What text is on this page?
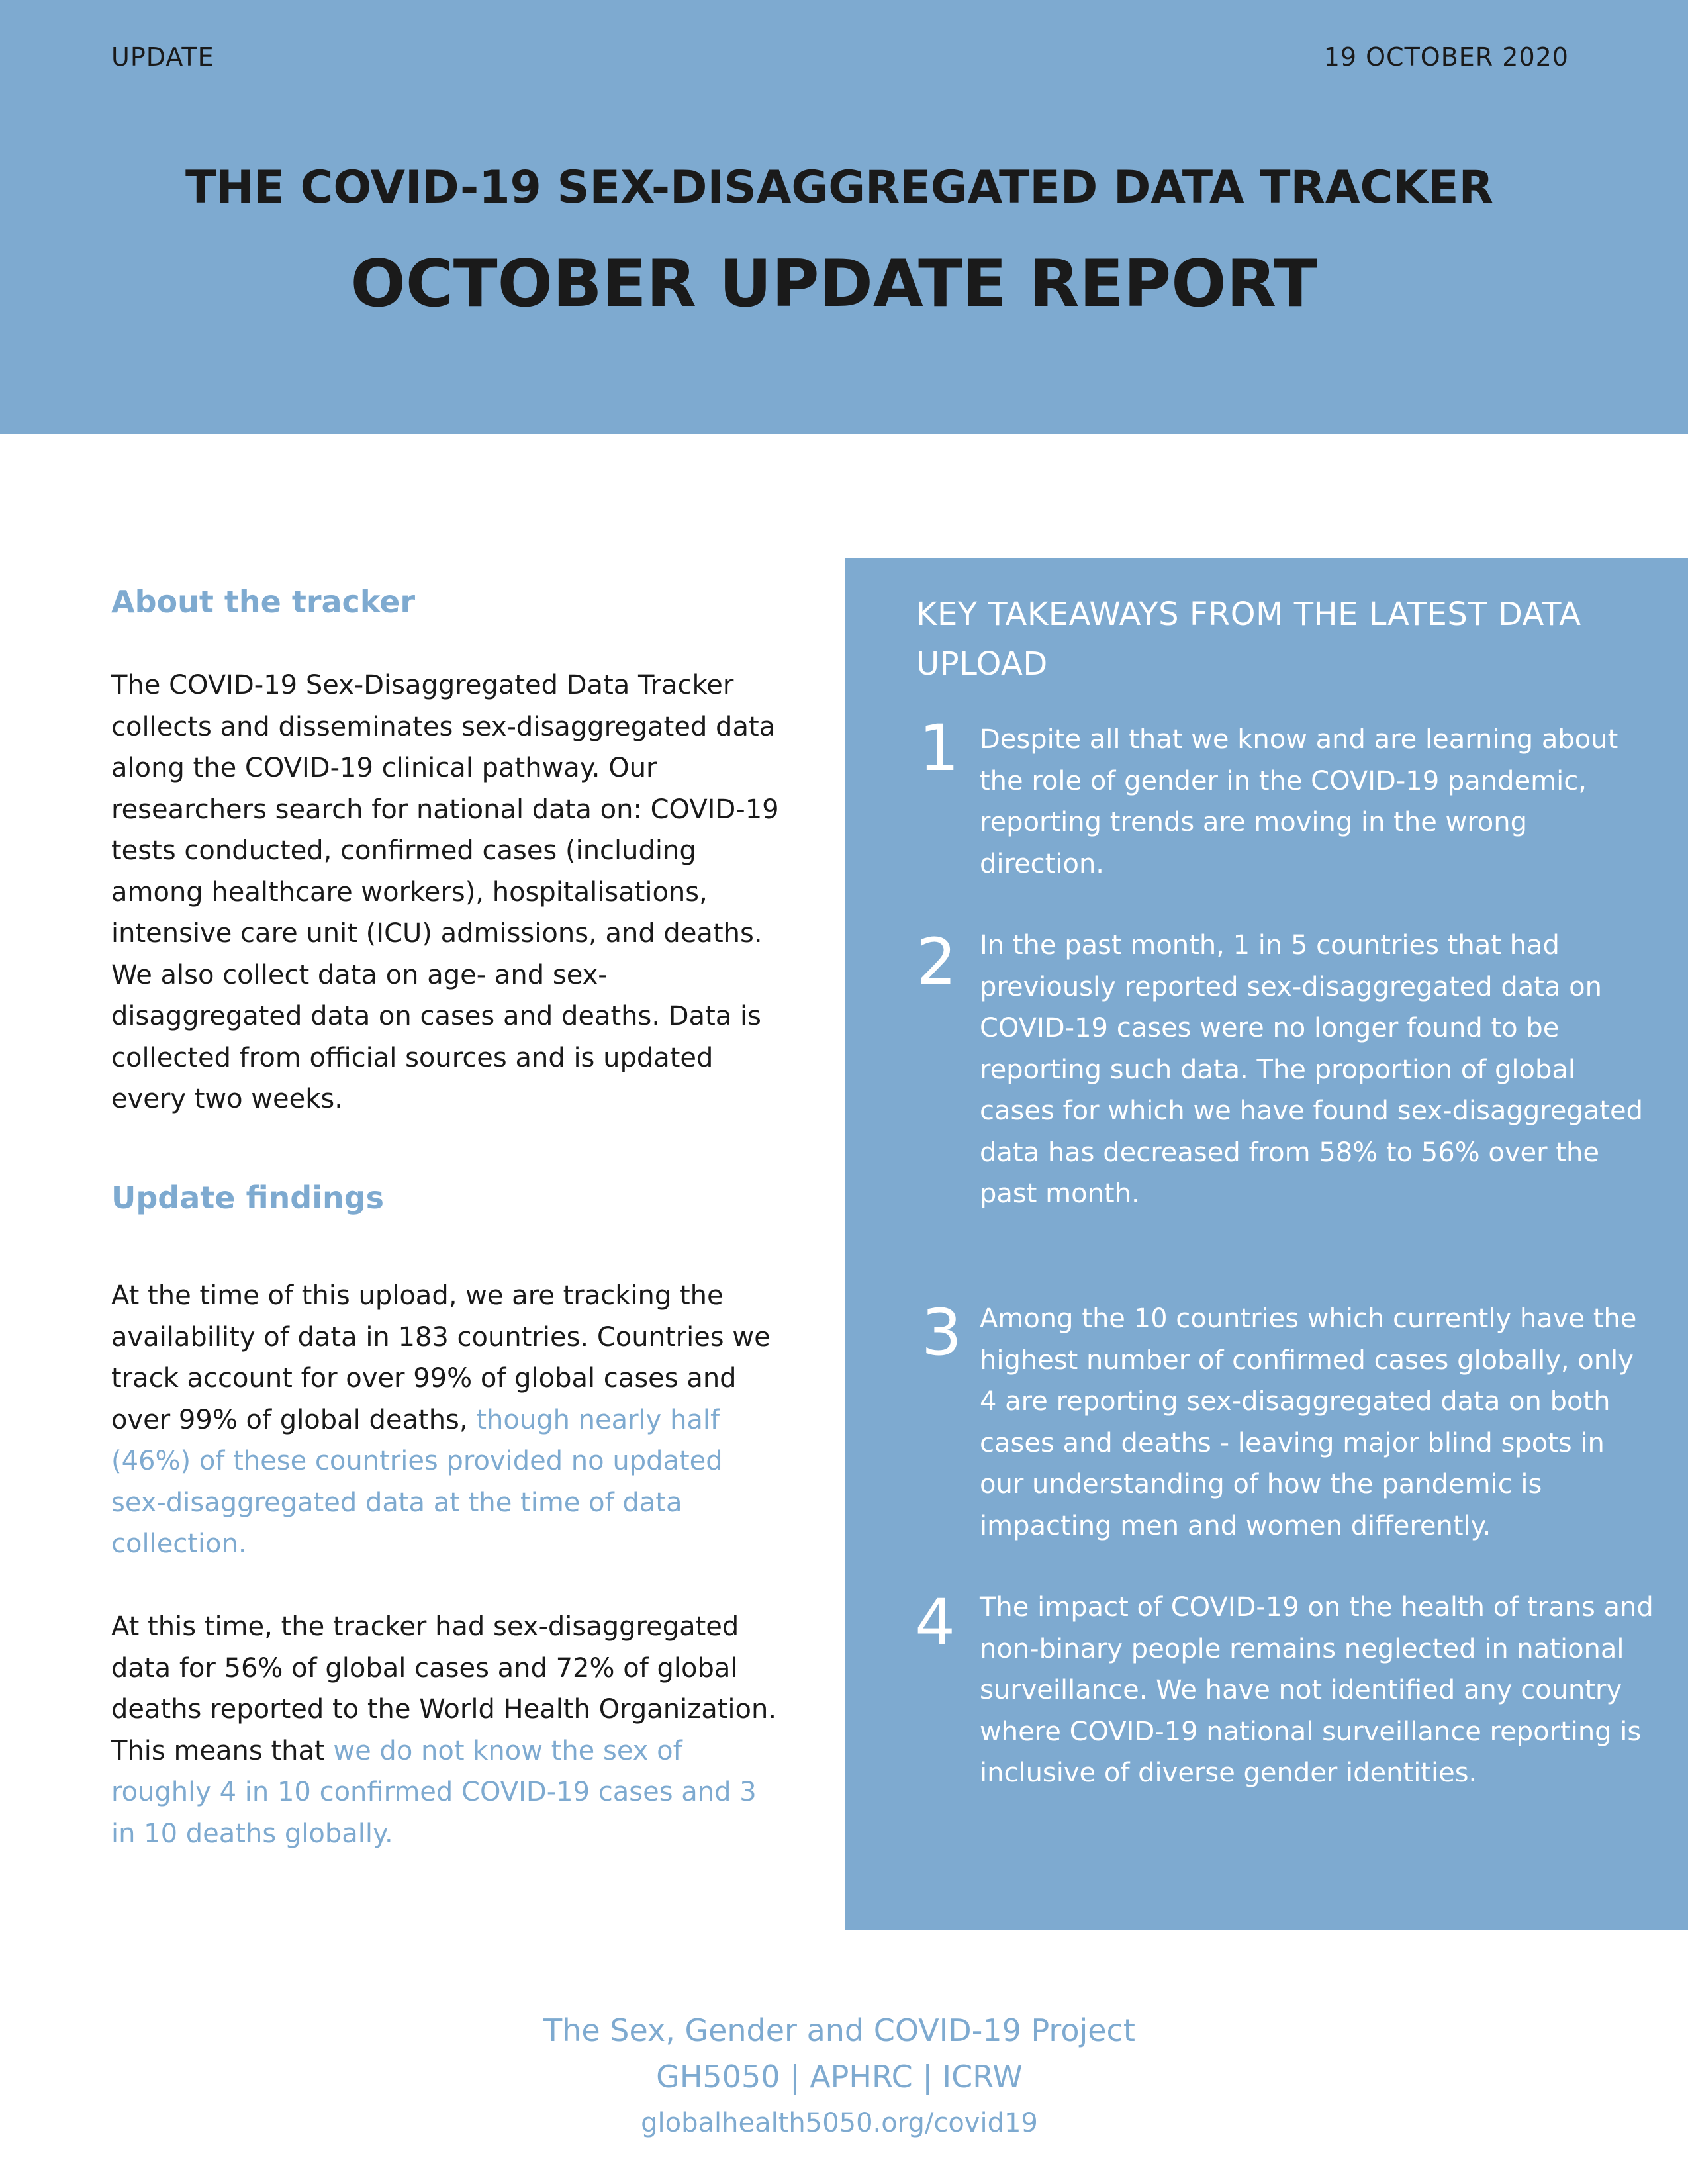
UPDATE	19 OCTOBER 2020
THE COVID-19 SEX-DISAGGREGATED DATA TRACKER
OCTOBER UPDATE REPORT
About the tracker
The COVID-19 Sex-Disaggregated Data Tracker collects and disseminates sex-disaggregated data along the COVID-19 clinical pathway. Our researchers search for national data on: COVID-19 tests conducted, confirmed cases (including among healthcare workers), hospitalisations, intensive care unit (ICU) admissions, and deaths. We also collect data on age- and sex-disaggregated data on cases and deaths. Data is collected from official sources and is updated every two weeks.
Update findings
At the time of this upload, we are tracking the availability of data in 183 countries. Countries we track account for over 99% of global cases and over 99% of global deaths, though nearly half (46%) of these countries provided no updated sex-disaggregated data at the time of data collection.
At this time, the tracker had sex-disaggregated data for 56% of global cases and 72% of global deaths reported to the World Health Organization. This means that we do not know the sex of roughly 4 in 10 confirmed COVID-19 cases and 3 in 10 deaths globally.
KEY TAKEAWAYS FROM THE LATEST DATA UPLOAD
1 Despite all that we know and are learning about the role of gender in the COVID-19 pandemic, reporting trends are moving in the wrong direction.
2 In the past month, 1 in 5 countries that had previously reported sex-disaggregated data on COVID-19 cases were no longer found to be reporting such data. The proportion of global cases for which we have found sex-disaggregated data has decreased from 58% to 56% over the past month.
3 Among the 10 countries which currently have the highest number of confirmed cases globally, only 4 are reporting sex-disaggregated data on both cases and deaths - leaving major blind spots in our understanding of how the pandemic is impacting men and women differently.
4 The impact of COVID-19 on the health of trans and non-binary people remains neglected in national surveillance. We have not identified any country where COVID-19 national surveillance reporting is inclusive of diverse gender identities.
The Sex, Gender and COVID-19 Project
GH5050 | APHRC | ICRW
globalhealth5050.org/covid19
